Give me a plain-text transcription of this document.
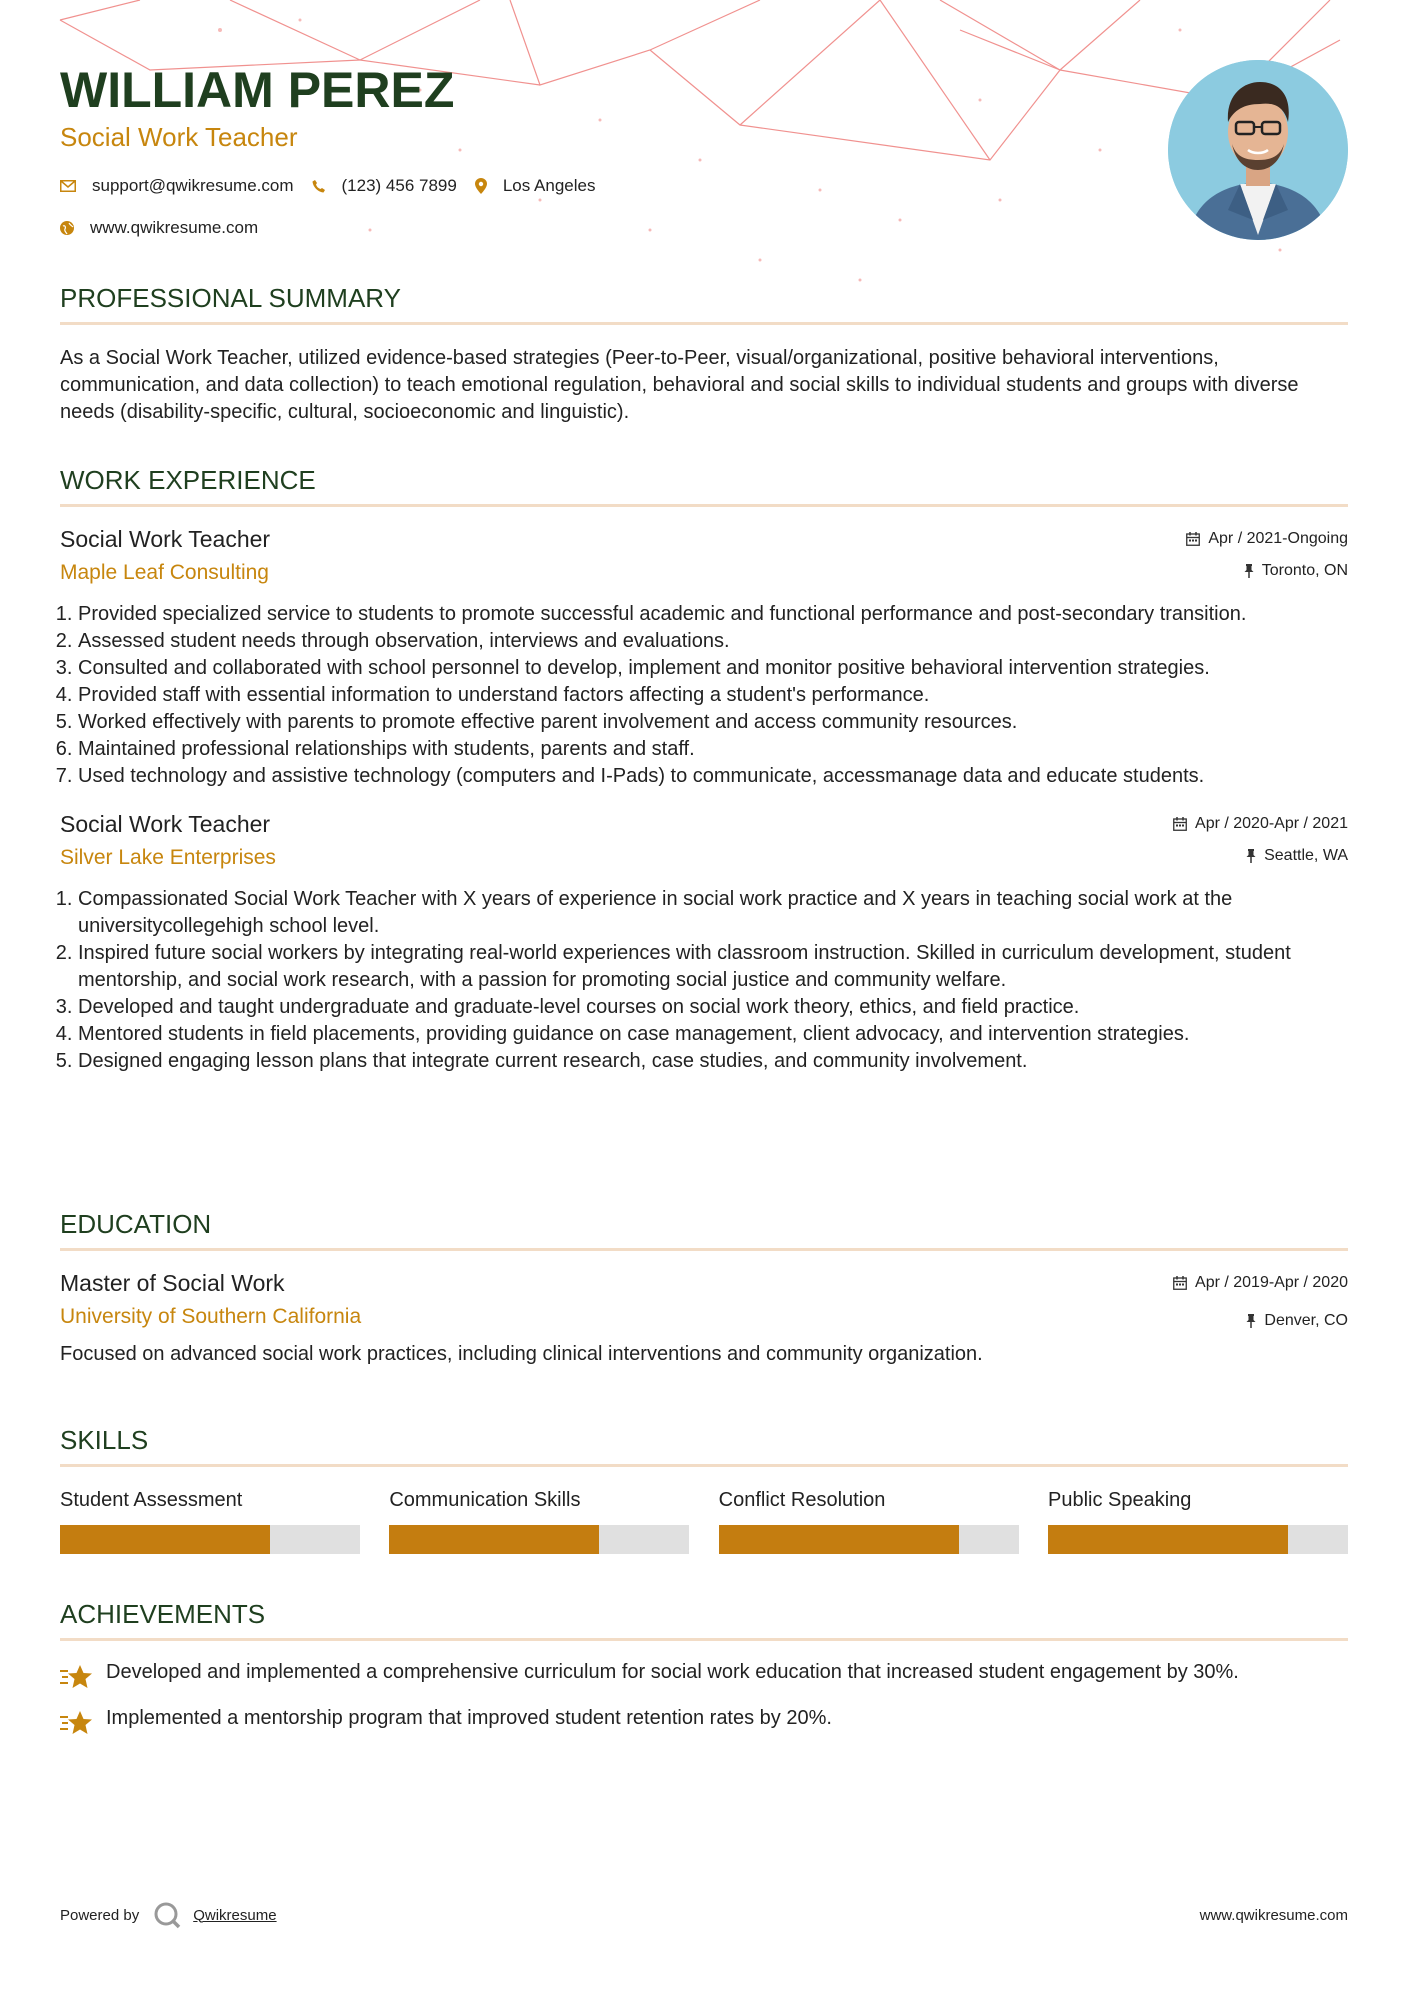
WILLIAM PEREZ
Social Work Teacher
support@qwikresume.com	(123) 456 7899	Los Angeles
www.qwikresume.com
PROFESSIONAL SUMMARY
As a Social Work Teacher, utilized evidence-based strategies (Peer-to-Peer, visual/organizational, positive behavioral interventions, communication, and data collection) to teach emotional regulation, behavioral and social skills to individual students and groups with diverse needs (disability-specific, cultural, socioeconomic and linguistic).
WORK EXPERIENCE
Social Work Teacher
Maple Leaf Consulting
Apr / 2021-Ongoing
Toronto, ON
1. Provided specialized service to students to promote successful academic and functional performance and post-secondary transition.
2. Assessed student needs through observation, interviews and evaluations.
3. Consulted and collaborated with school personnel to develop, implement and monitor positive behavioral intervention strategies.
4. Provided staff with essential information to understand factors affecting a student's performance.
5. Worked effectively with parents to promote effective parent involvement and access community resources.
6. Maintained professional relationships with students, parents and staff.
7. Used technology and assistive technology (computers and I-Pads) to communicate, accessmanage data and educate students.
Social Work Teacher
Silver Lake Enterprises
Apr / 2020-Apr / 2021
Seattle, WA
1. Compassionated Social Work Teacher with X years of experience in social work practice and X years in teaching social work at the universitycollegehigh school level.
2. Inspired future social workers by integrating real-world experiences with classroom instruction. Skilled in curriculum development, student mentorship, and social work research, with a passion for promoting social justice and community welfare.
3. Developed and taught undergraduate and graduate-level courses on social work theory, ethics, and field practice.
4. Mentored students in field placements, providing guidance on case management, client advocacy, and intervention strategies.
5. Designed engaging lesson plans that integrate current research, case studies, and community involvement.
EDUCATION
Master of Social Work
University of Southern California
Apr / 2019-Apr / 2020
Denver, CO
Focused on advanced social work practices, including clinical interventions and community organization.
SKILLS
Student Assessment	Communication Skills	Conflict Resolution	Public Speaking
ACHIEVEMENTS
Developed and implemented a comprehensive curriculum for social work education that increased student engagement by 30%.
Implemented a mentorship program that improved student retention rates by 20%.
Powered by	Qwikresume	www.qwikresume.com
